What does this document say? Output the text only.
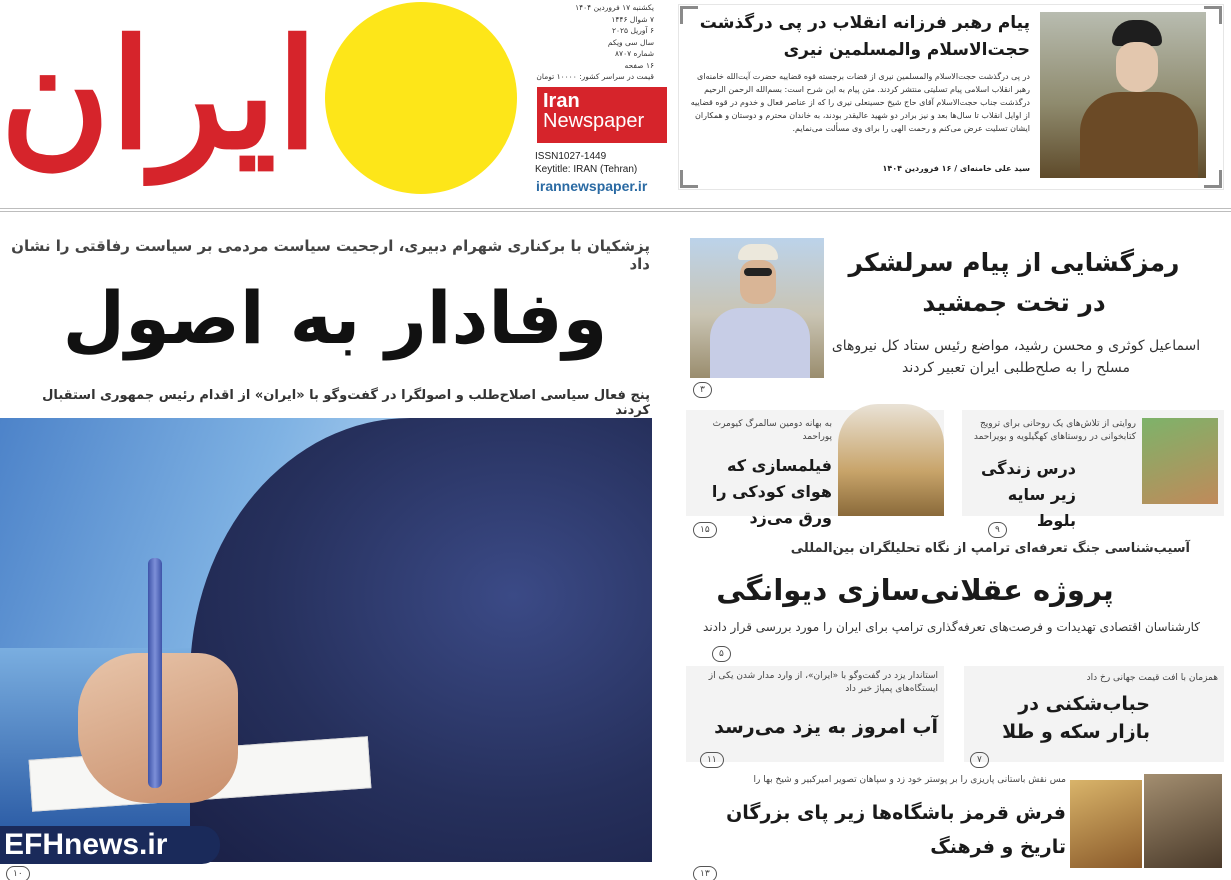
ایران	یکشنبه ۱۷ فروردین ۱۴۰۴
۷ شوال ۱۴۴۶
۶ آوریل ۲۰۲۵
سال سی ویکم
شماره ۸۷۰۷
۱۶ صفحه
قیمت در سراسر کشور: ۱۰۰۰۰ تومان
Iran
Newspaper
ISSN1027-1449
Keytitle: IRAN (Tehran)
irannewspaper.ir
پیام رهبر فرزانه انقلاب در پی درگذشت حجت‌الاسلام والمسلمین نیری
در پی درگذشت حجت‌الاسلام والمسلمین نیری از قضات برجسته قوه قضاییه حضرت آیت‌الله خامنه‌ای رهبر انقلاب اسلامی پیام تسلیتی منتشر کردند. متن پیام به این شرح است: بسم‌الله الرحمن الرحیم درگذشت جناب حجت‌الاسلام آقای حاج شیخ حسینعلی نیری را که از عناصر فعال و خدوم در قوه قضاییه از اوایل انقلاب تا سال‌ها بعد و نیز برادر دو شهید عالیقدر بودند، به خاندان محترم و دوستان و همکاران ایشان تسلیت عرض می‌کنم و رحمت الهی را برای وی مسألت می‌نمایم.
سید علی خامنه‌ای / ۱۶ فروردین ۱۴۰۴
پزشکیان با برکناری شهرام دبیری، ارجحیت سیاست مردمی بر سیاست رفاقتی را نشان داد
وفادار به اصول
پنج فعال سیاسی اصلاح‌طلب و اصولگرا در گفت‌وگو با «ایران» از اقدام رئیس جمهوری استقبال کردند
EFHnews.ir
۱۰
رمزگشایی از پیام سرلشکر در تخت جمشید
اسماعیل کوثری و محسن رشید، مواضع رئیس ستاد کل نیروهای مسلح را به صلح‌طلبی ایران تعبیر کردند
۳
روایتی از تلاش‌های یک روحانی برای ترویج کتابخوانی در روستاهای کهگیلویه و بویراحمد
درس زندگی زیر سایه بلوط
۹
به بهانه دومین سالمرگ کیومرث پوراحمد
فیلمسازی که هوای کودکی را ورق می‌زد
۱۵
آسیب‌شناسی جنگ تعرفه‌ای ترامپ از نگاه تحلیلگران بین‌المللی
پروژه عقلانی‌سازی دیوانگی
کارشناسان اقتصادی تهدیدات و فرصت‌های تعرفه‌گذاری ترامپ برای ایران را مورد بررسی قرار دادند
۵
همزمان با افت قیمت جهانی رخ داد
حباب‌شکنی در بازار سکه و طلا
۷
استاندار یزد در گفت‌وگو با «ایران»، از وارد مدار شدن یکی از ایستگاه‌های پمپاژ خبر داد
آب امروز به یزد می‌رسد
۱۱
مس نقش باستانی پاریزی را بر پوستر خود زد و سپاهان تصویر امیرکبیر و شیخ بها را
فرش قرمز باشگاه‌ها زیر پای بزرگان تاریخ و فرهنگ
۱۳
